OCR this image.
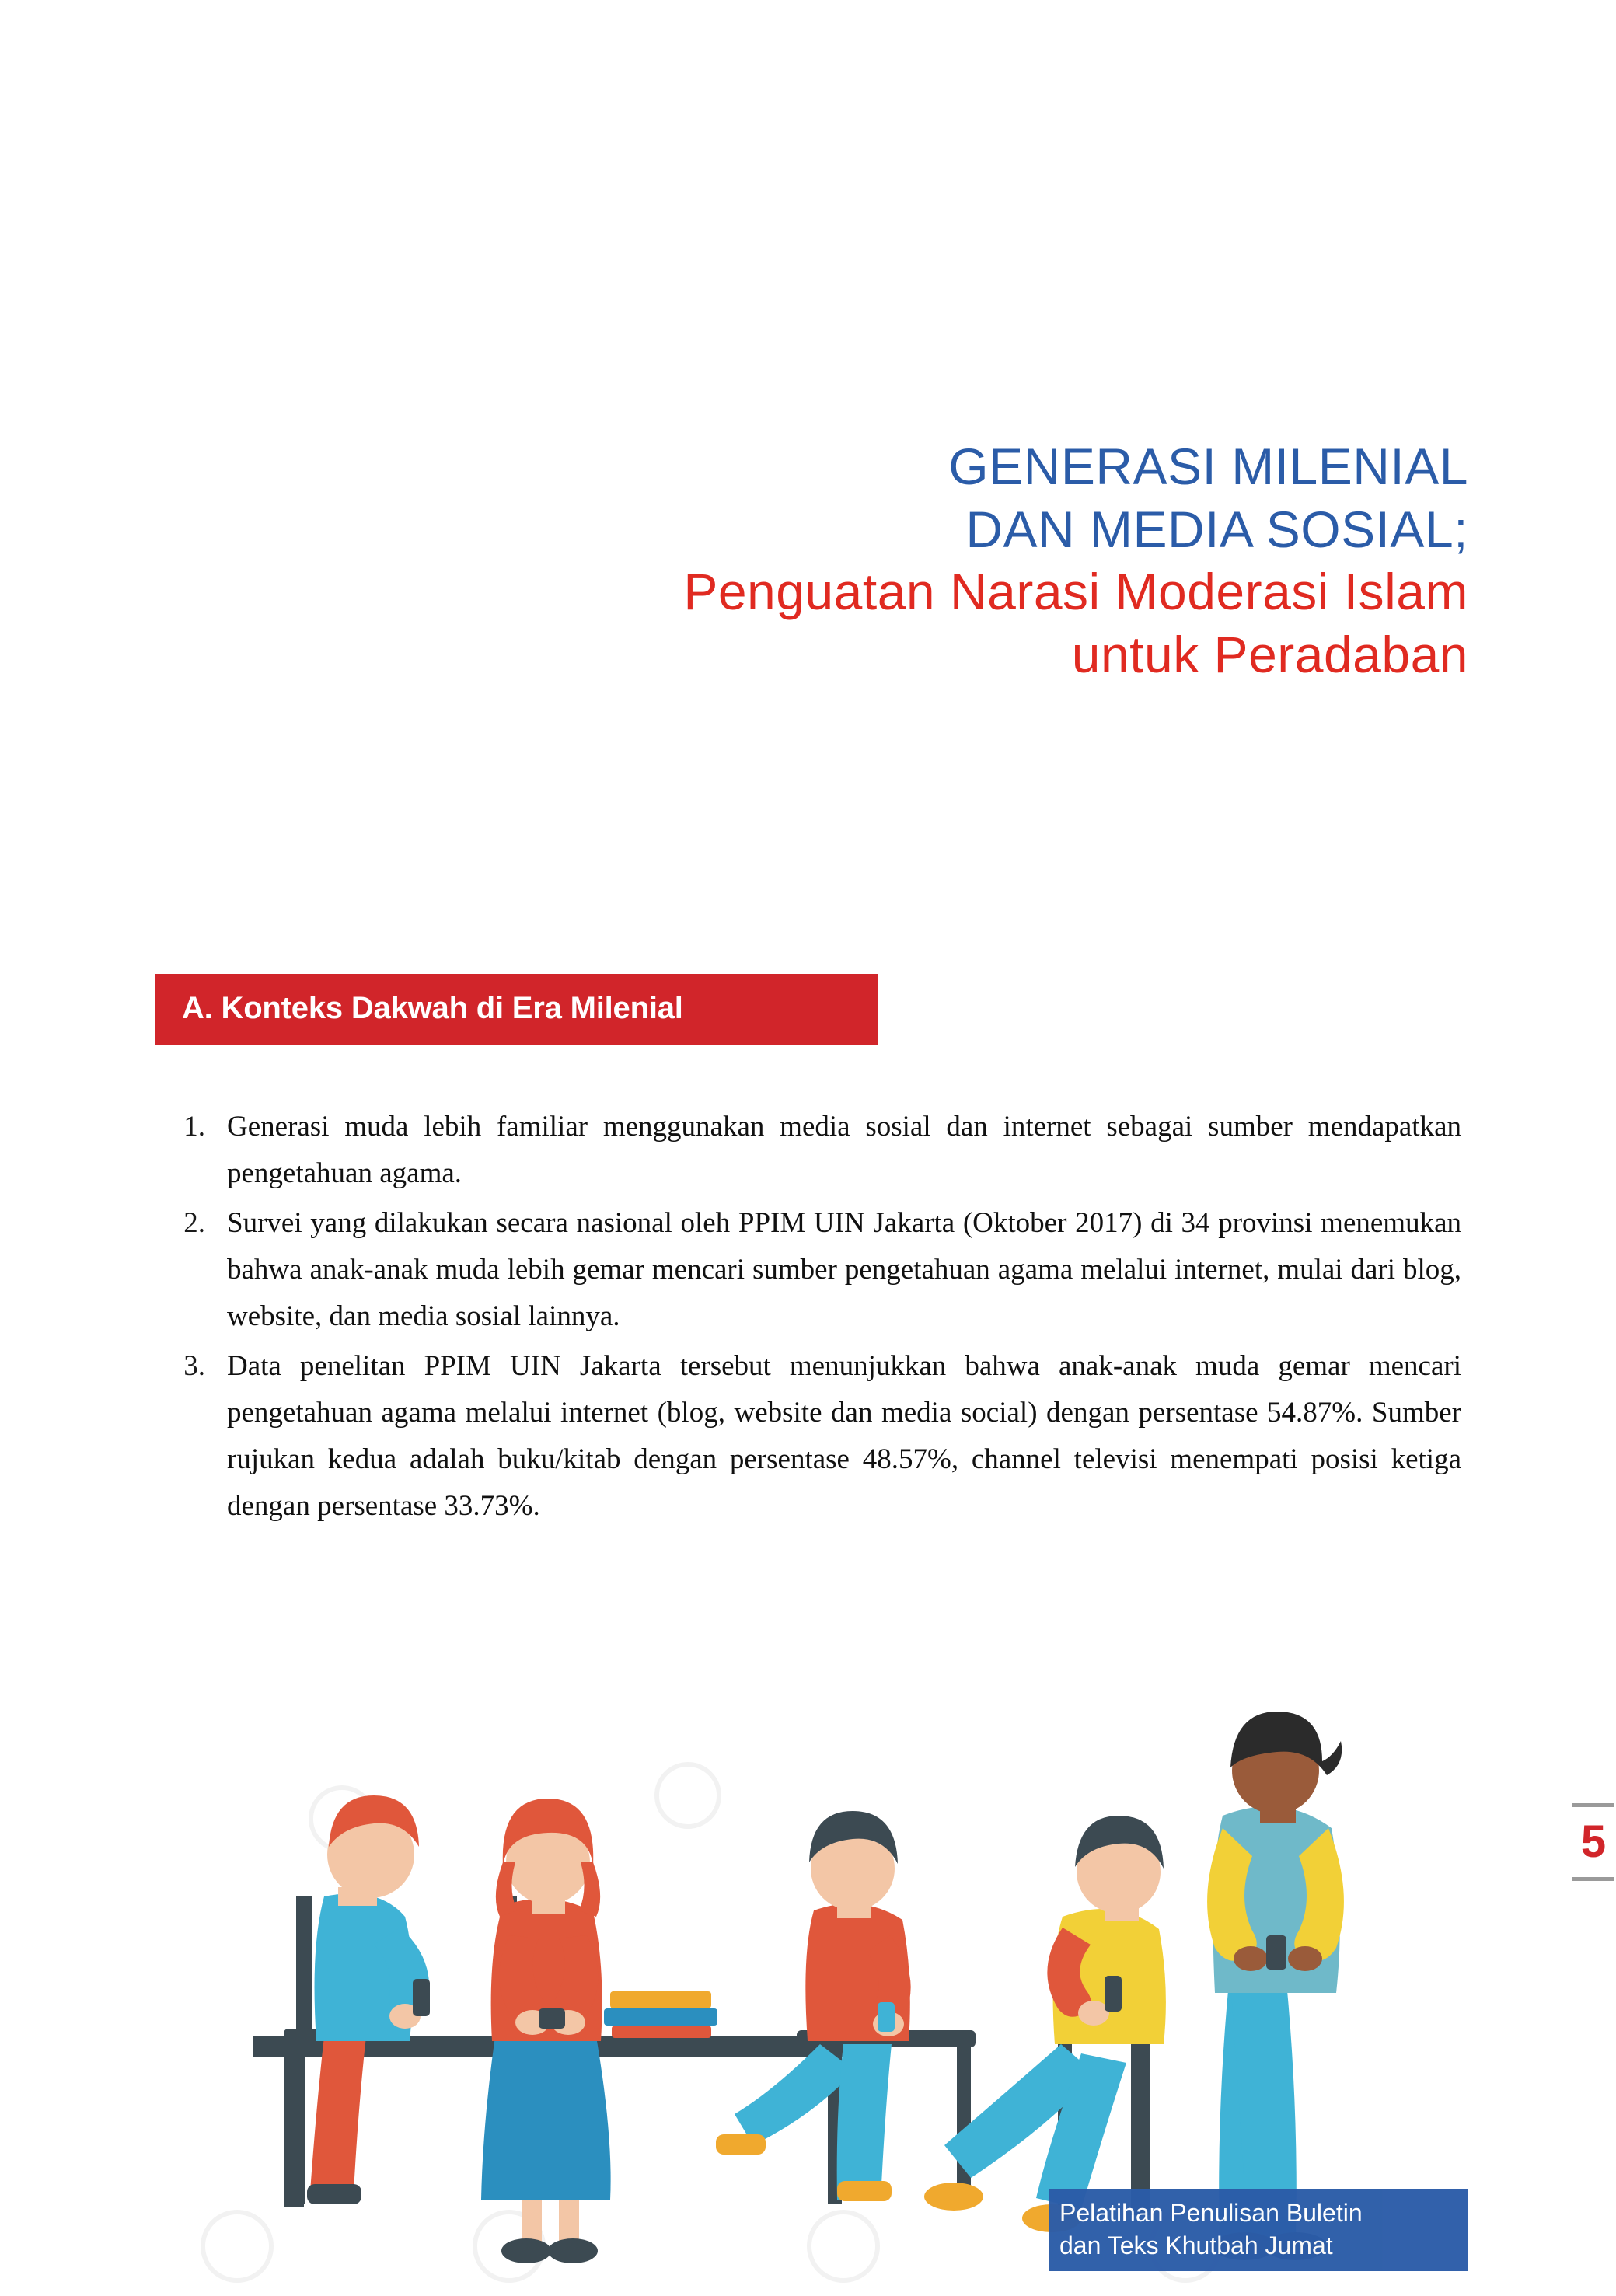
GENERASI MILENIAL
DAN MEDIA SOSIAL;
Penguatan Narasi Moderasi Islam
untuk Peradaban
A. Konteks Dakwah di Era Milenial
1. Generasi muda lebih familiar menggunakan media sosial dan internet sebagai sumber mendapatkan pengetahuan agama.
2. Survei yang dilakukan secara nasional oleh PPIM UIN Jakarta (Oktober 2017) di 34 provinsi menemukan bahwa anak-anak muda lebih gemar mencari sumber pengetahuan agama melalui internet, mulai dari blog, website, dan media sosial lainnya.
3. Data penelitan PPIM UIN Jakarta tersebut menunjukkan bahwa anak-anak muda gemar mencari pengetahuan agama melalui internet (blog, website dan media social) dengan persentase 54.87%. Sumber rujukan kedua adalah buku/kitab dengan persentase 48.57%, channel televisi menempati posisi ketiga dengan persentase 33.73%.
Pelatihan Penulisan Buletin
dan Teks Khutbah Jumat
5
